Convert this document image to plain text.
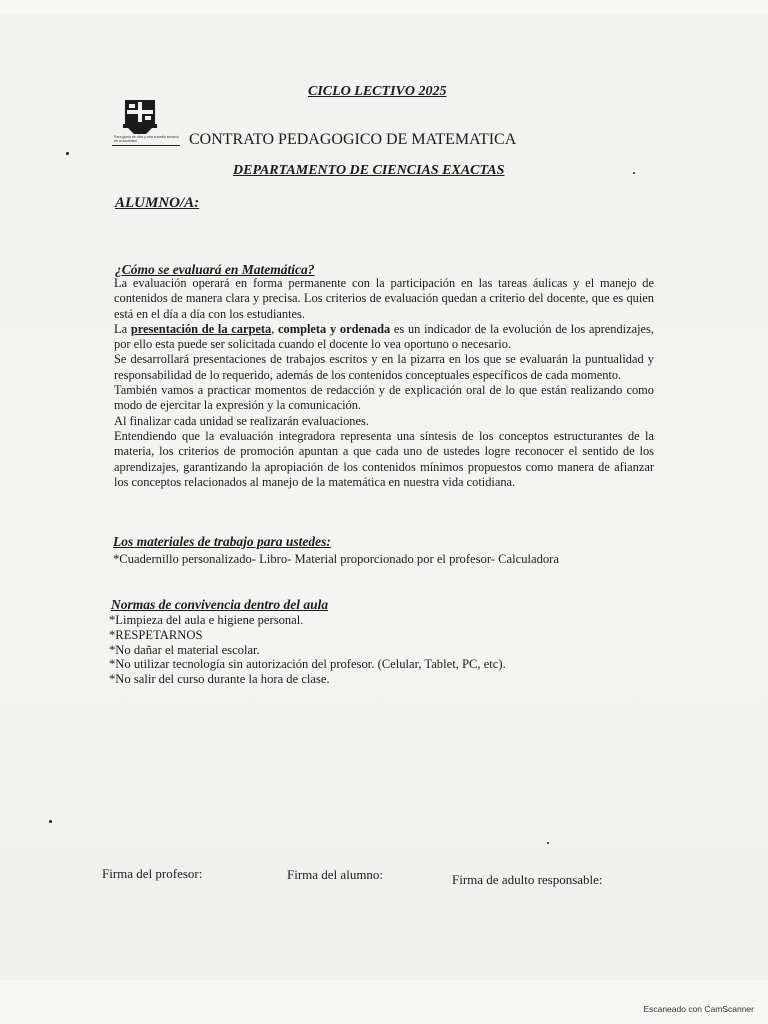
CICLO LECTIVO 2025
Para gloria de dios y otra sucedio servicio de la sociedad	CONTRATO PEDAGOGICO DE MATEMATICA
DEPARTAMENTO DE CIENCIAS EXACTAS
ALUMNO/A:
¿Cómo se evaluará en Matemática?

La evaluación operará en forma permanente con la participación en las tareas áulicas y el manejo de contenidos de manera clara y precisa. Los criterios de evaluación quedan a criterio del docente, que es quien está en el día a día con los estudiantes.

La presentación de la carpeta, completa y ordenada es un indicador de la evolución de los aprendizajes, por ello esta puede ser solicitada cuando el docente lo vea oportuno o necesario.

Se desarrollará presentaciones de trabajos escritos y en la pizarra en los que se evaluarán la puntualidad y responsabilidad de lo requerido, además de los contenidos conceptuales específicos de cada momento.

También vamos a practicar momentos de redacción y de explicación oral de lo que están realizando como modo de ejercitar la expresión y la comunicación.

Al finalizar cada unidad se realizarán evaluaciones.

Entendiendo que la evaluación integradora representa una síntesis de los conceptos estructurantes de la materia, los criterios de promoción apuntan a que cada uno de ustedes logre reconocer el sentido de los aprendizajes, garantizando la apropiación de los contenidos mínimos propuestos como manera de afianzar los conceptos relacionados al manejo de la matemática en nuestra vida cotidiana.

Los materiales de trabajo para ustedes:
*Cuadernillo personalizado- Libro- Material proporcionado por el profesor- Calculadora
Normas de convivencia dentro del aula
*Limpieza del aula e higiene personal.
*RESPETARNOS
*No dañar el material escolar.
*No utilizar tecnología sin autorización del profesor. (Celular, Tablet, PC, etc).
*No salir del curso durante la hora de clase.
Firma del profesor:	Firma del alumno:	Firma de adulto responsable:
Escaneado con CamScanner
